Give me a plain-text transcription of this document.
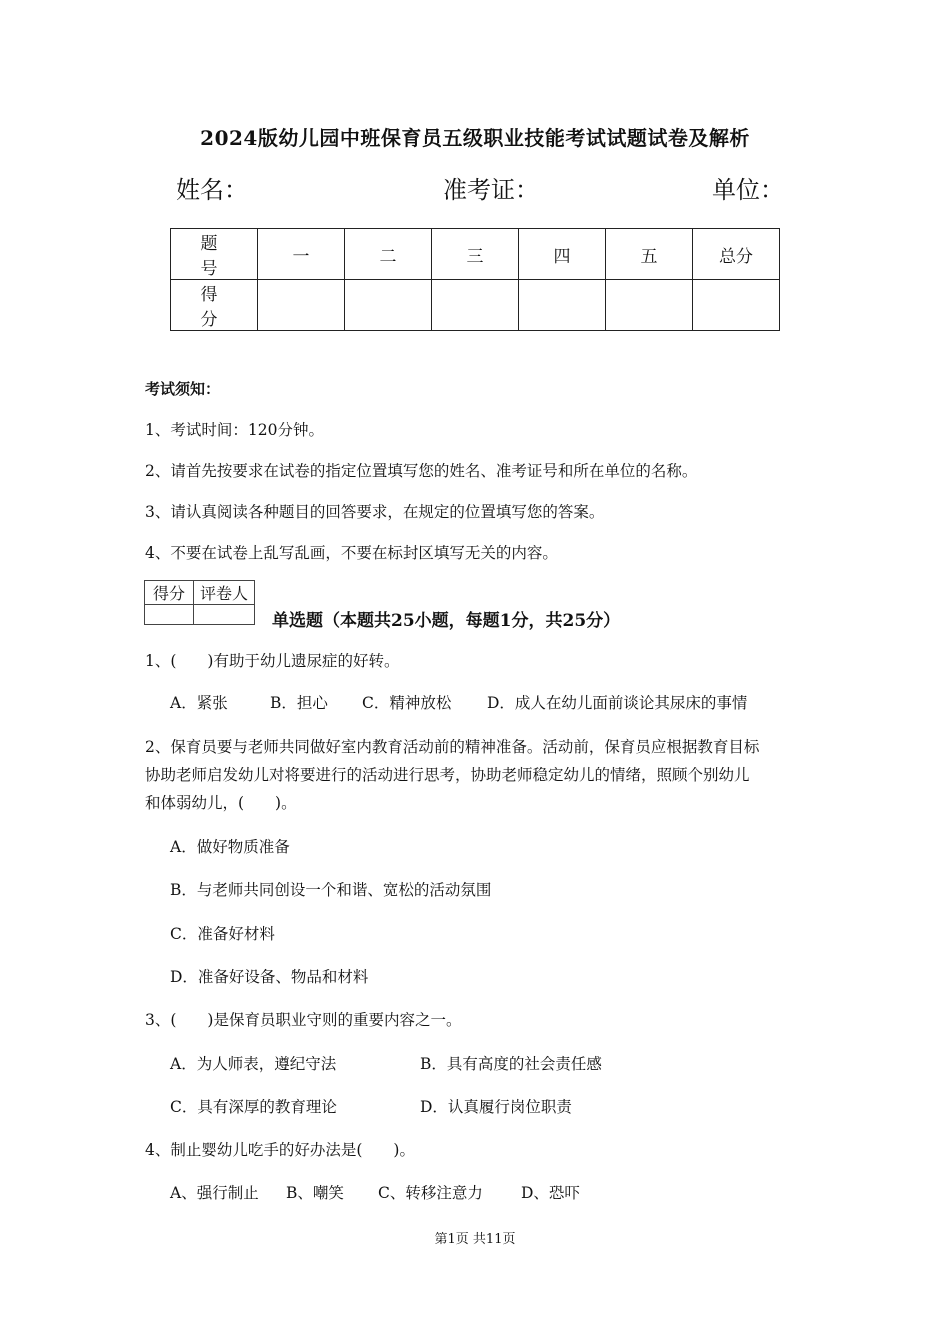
2024版幼儿园中班保育员五级职业技能考试试题试卷及解析
姓名：	准考证：	单位：
题　号	一	二	三	四	五	总分
得　分						
考试须知：
1、考试时间：120分钟。
2、请首先按要求在试卷的指定位置填写您的姓名、准考证号和所在单位的名称。
3、请认真阅读各种题目的回答要求，在规定的位置填写您的答案。
4、不要在试卷上乱写乱画，不要在标封区填写无关的内容。
得分	评卷人

单选题（本题共25小题，每题1分，共25分）
1、(　　)有助于幼儿遗尿症的好转。
A．紧张	B．担心 C．精神放松 D．成人在幼儿面前谈论其尿床的事情
2、保育员要与老师共同做好室内教育活动前的精神准备。活动前，保育员应根据教育目标
协助老师启发幼儿对将要进行的活动进行思考，协助老师稳定幼儿的情绪，照顾个别幼儿
和体弱幼儿，(　　)。
A．做好物质准备
B．与老师共同创设一个和谐、宽松的活动氛围
C．准备好材料
D．准备好设备、物品和材料
3、(　　)是保育员职业守则的重要内容之一。
A．为人师表，遵纪守法	B．具有高度的社会责任感
C．具有深厚的教育理论	D．认真履行岗位职责
4、制止婴幼儿吃手的好办法是(　　)。
A、强行制止 B、嘲笑 C、转移注意力 D、恐吓
第1页 共11页
